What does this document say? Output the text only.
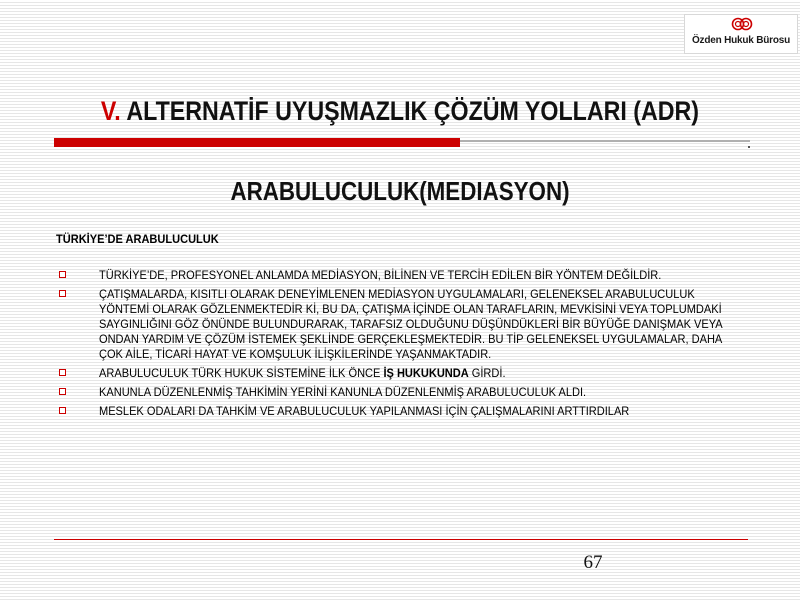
Özden Hukuk Bürosu
V. ALTERNATİF UYUŞMAZLIK ÇÖZÜM YOLLARI (ADR)
ARABULUCULUK(MEDIASYON)
TÜRKİYE’DE ARABULUCULUK
TÜRKİYE’DE, PROFESYONEL ANLAMDA MEDİASYON, BİLİNEN VE TERCİH EDİLEN BİR YÖNTEM DEĞİLDİR.
ÇATIŞMALARDA, KISITLI OLARAK DENEYİMLENEN MEDİASYON UYGULAMALARI, GELENEKSEL ARABULUCULUK YÖNTEMİ OLARAK GÖZLENMEKTEDİR Kİ, BU DA, ÇATIŞMA İÇİNDE OLAN TARAFLARIN, MEVKİSİNİ VEYA TOPLUMDAKİ SAYGINLIĞINI GÖZ ÖNÜNDE BULUNDURARAK, TARAFSIZ OLDUĞUNU DÜŞÜNDÜKLERİ BİR BÜYÜĞE DANIŞMAK VEYA ONDAN YARDIM VE ÇÖZÜM İSTEMEK ŞEKLİNDE GERÇEKLEŞMEKTEDİR. BU TİP GELENEKSEL UYGULAMALAR, DAHA ÇOK AİLE, TİCARİ HAYAT VE KOMŞULUK İLİŞKİLERİNDE YAŞANMAKTADIR.
ARABULUCULUK TÜRK HUKUK SİSTEMİNE İLK ÖNCE İŞ HUKUKUNDA GİRDİ.
KANUNLA DÜZENLENMİŞ TAHKİMİN YERİNİ KANUNLA DÜZENLENMİŞ ARABULUCULUK ALDI.
MESLEK ODALARI DA TAHKİM VE ARABULUCULUK YAPILANMASI İÇİN ÇALIŞMALARINI ARTTIRDILAR
67
